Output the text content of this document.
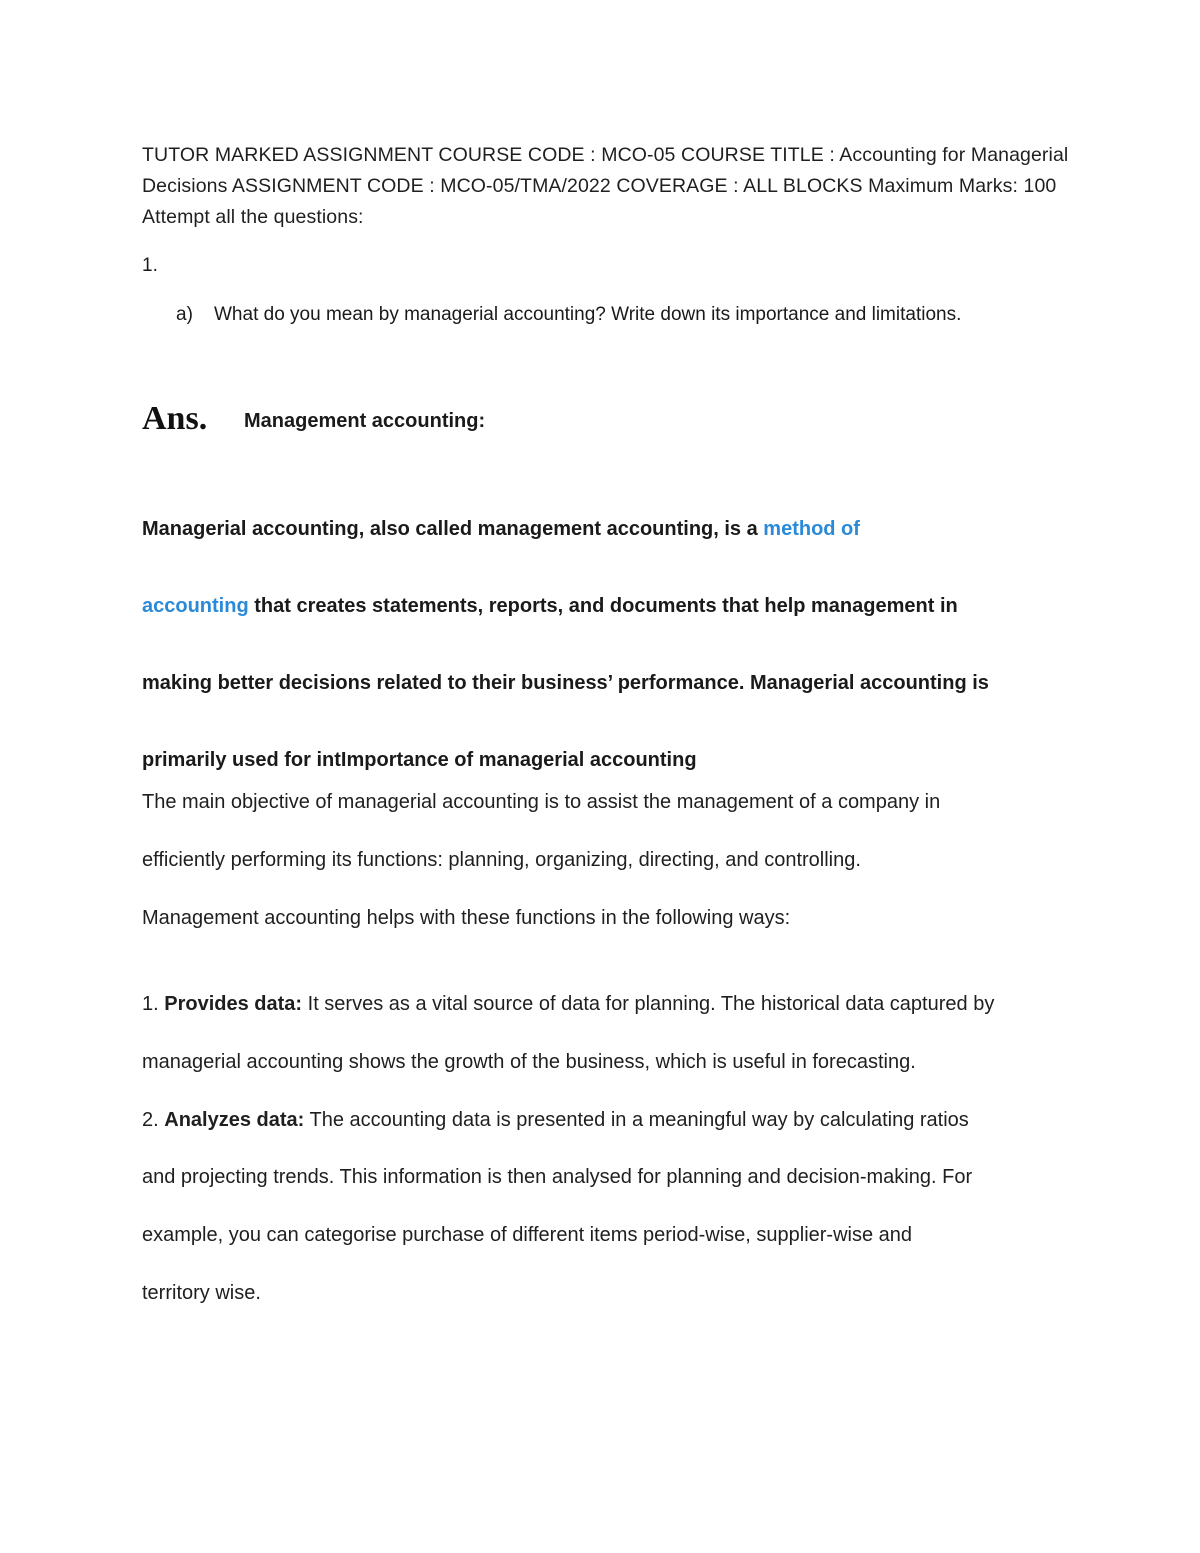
TUTOR MARKED ASSIGNMENT COURSE CODE : MCO-05 COURSE TITLE : Accounting for Managerial
Decisions ASSIGNMENT CODE : MCO-05/TMA/2022 COVERAGE : ALL BLOCKS Maximum Marks: 100
Attempt all the questions:
1.
a) What do you mean by managerial accounting? Write down its importance and limitations.
Ans. Management accounting:
Managerial accounting, also called management accounting, is a method of
accounting that creates statements, reports, and documents that help management in
making better decisions related to their business’ performance. Managerial accounting is
primarily used for intImportance of managerial accounting
The main objective of managerial accounting is to assist the management of a company in
efficiently performing its functions: planning, organizing, directing, and controlling.
Management accounting helps with these functions in the following ways:
1. Provides data: It serves as a vital source of data for planning. The historical data captured by
managerial accounting shows the growth of the business, which is useful in forecasting.
2. Analyzes data: The accounting data is presented in a meaningful way by calculating ratios
and projecting trends. This information is then analysed for planning and decision-making. For
example, you can categorise purchase of different items period-wise, supplier-wise and
territory wise.
